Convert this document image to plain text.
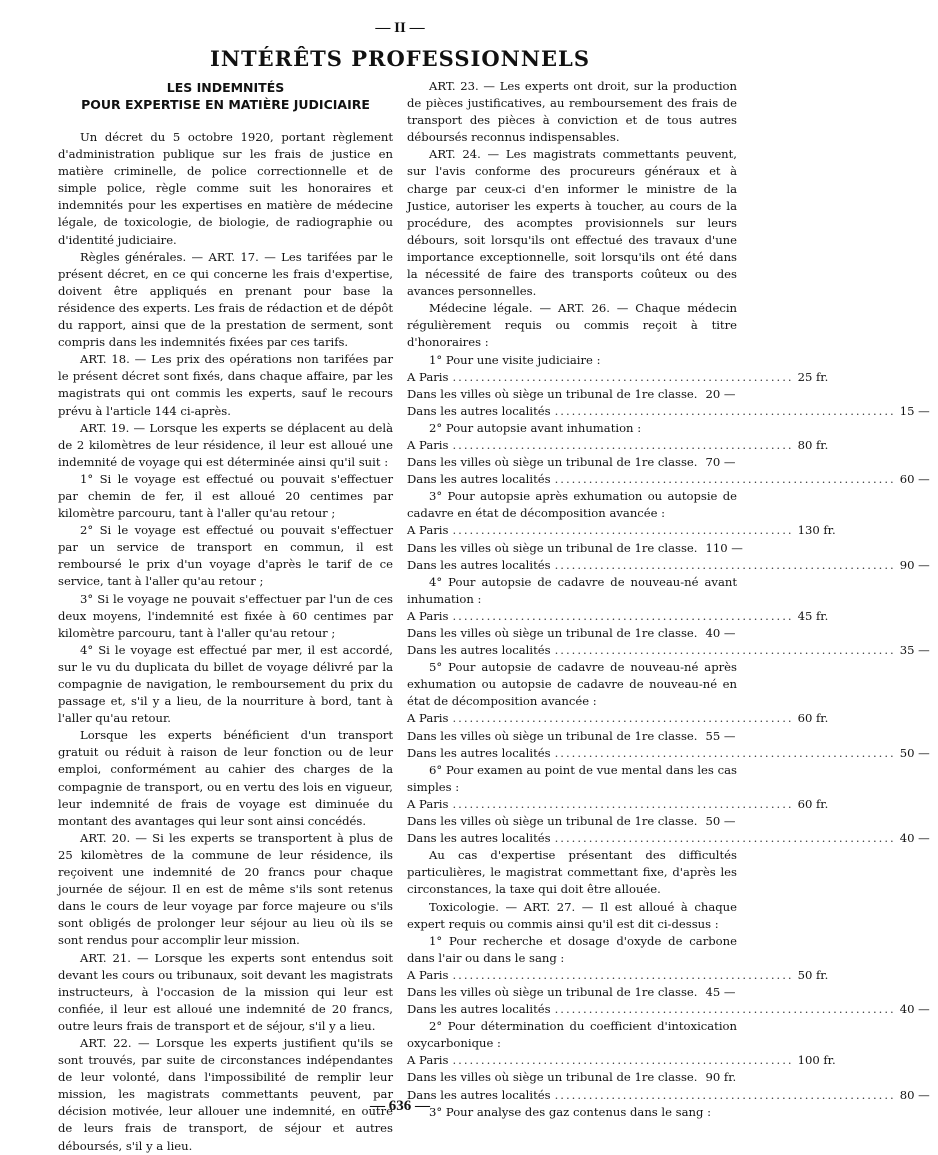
— II —
INTÉRÊTS PROFESSIONNELS
LES INDEMNITÉS
POUR EXPERTISE EN MATIÈRE JUDICIAIRE

Un décret du 5 octobre 1920, portant règlement d'administration publique sur les frais de justice en matière criminelle, de police correctionnelle et de simple police, règle comme suit les honoraires et indemnités pour les expertises en matière de médecine légale, de toxicologie, de biologie, de radiographie ou d'identité judiciaire.

Règles générales. — ART. 17. — Les tarifées par le présent décret, en ce qui concerne les frais d'expertise, doivent être appliqués en prenant pour base la résidence des experts. Les frais de rédaction et de dépôt du rapport, ainsi que de la prestation de serment, sont compris dans les indemnités fixées par ces tarifs.

ART. 18. — Les prix des opérations non tarifées par le présent décret sont fixés, dans chaque affaire, par les magistrats qui ont commis les experts, sauf le recours prévu à l'article 144 ci-après.

ART. 19. — Lorsque les experts se déplacent au delà de 2 kilomètres de leur résidence, il leur est alloué une indemnité de voyage qui est déterminée ainsi qu'il suit :

1° Si le voyage est effectué ou pouvait s'effectuer par chemin de fer, il est alloué 20 centimes par kilomètre parcouru, tant à l'aller qu'au retour ;

2° Si le voyage est effectué ou pouvait s'effectuer par un service de transport en commun, il est remboursé le prix d'un voyage d'après le tarif de ce service, tant à l'aller qu'au retour ;

3° Si le voyage ne pouvait s'effectuer par l'un de ces deux moyens, l'indemnité est fixée à 60 centimes par kilomètre parcouru, tant à l'aller qu'au retour ;

4° Si le voyage est effectué par mer, il est accordé, sur le vu du duplicata du billet de voyage délivré par la compagnie de navigation, le remboursement du prix du passage et, s'il y a lieu, de la nourriture à bord, tant à l'aller qu'au retour.

Lorsque les experts bénéficient d'un transport gratuit ou réduit à raison de leur fonction ou de leur emploi, conformément au cahier des charges de la compagnie de transport, ou en vertu des lois en vigueur, leur indemnité de frais de voyage est diminuée du montant des avantages qui leur sont ainsi concédés.

ART. 20. — Si les experts se transportent à plus de 25 kilomètres de la commune de leur résidence, ils reçoivent une indemnité de 20 francs pour chaque journée de séjour. Il en est de même s'ils sont retenus dans le cours de leur voyage par force majeure ou s'ils sont obligés de prolonger leur séjour au lieu où ils se sont rendus pour accomplir leur mission.

ART. 21. — Lorsque les experts sont entendus soit devant les cours ou tribunaux, soit devant les magistrats instructeurs, à l'occasion de la mission qui leur est confiée, il leur est alloué une indemnité de 20 francs, outre leurs frais de transport et de séjour, s'il y a lieu.

ART. 22. — Lorsque les experts justifient qu'ils se sont trouvés, par suite de circonstances indépendantes de leur volonté, dans l'impossibilité de remplir leur mission, les magistrats commettants peuvent, par décision motivée, leur allouer une indemnité, en outre de leurs frais de transport, de séjour et autres déboursés, s'il y a lieu.

ART. 23. — Les experts ont droit, sur la production de pièces justificatives, au remboursement des frais de transport des pièces à conviction et de tous autres déboursés reconnus indispensables.

ART. 24. — Les magistrats commettants peuvent, sur l'avis conforme des procureurs généraux et à charge par ceux-ci d'en informer le ministre de la Justice, autoriser les experts à toucher, au cours de la procédure, des acomptes provisionnels sur leurs débours, soit lorsqu'ils ont effectué des travaux d'une importance exceptionnelle, soit lorsqu'ils ont été dans la nécessité de faire des transports coûteux ou des avances personnelles.

Médecine légale. — ART. 26. — Chaque médecin régulièrement requis ou commis reçoit à titre d'honoraires :

1° Pour une visite judiciaire :

A Paris ............................................................ 25 fr.
Dans les villes où siège un tribunal de 1re classe. 20 —
Dans les autres localités ............................................................ 15 —

2° Pour autopsie avant inhumation :

A Paris ............................................................ 80 fr.
Dans les villes où siège un tribunal de 1re classe. 70 —
Dans les autres localités ............................................................ 60 —

3° Pour autopsie après exhumation ou autopsie de cadavre en état de décomposition avancée :

A Paris ............................................................ 130 fr.
Dans les villes où siège un tribunal de 1re classe. 110 —
Dans les autres localités ............................................................ 90 —

4° Pour autopsie de cadavre de nouveau-né avant inhumation :

A Paris ............................................................ 45 fr.
Dans les villes où siège un tribunal de 1re classe. 40 —
Dans les autres localités ............................................................ 35 —

5° Pour autopsie de cadavre de nouveau-né après exhumation ou autopsie de cadavre de nouveau-né en état de décomposition avancée :

A Paris ............................................................ 60 fr.
Dans les villes où siège un tribunal de 1re classe. 55 —
Dans les autres localités ............................................................ 50 —

6° Pour examen au point de vue mental dans les cas simples :

A Paris ............................................................ 60 fr.
Dans les villes où siège un tribunal de 1re classe. 50 —
Dans les autres localités ............................................................ 40 —

Au cas d'expertise présentant des difficultés particulières, le magistrat commettant fixe, d'après les circonstances, la taxe qui doit être allouée.

Toxicologie. — ART. 27. — Il est alloué à chaque expert requis ou commis ainsi qu'il est dit ci-dessus :

1° Pour recherche et dosage d'oxyde de carbone dans l'air ou dans le sang :

A Paris ............................................................ 50 fr.
Dans les villes où siège un tribunal de 1re classe. 45 —
Dans les autres localités ............................................................ 40 —

2° Pour détermination du coefficient d'intoxication oxycarbonique :

A Paris ............................................................ 100 fr.
Dans les villes où siège un tribunal de 1re classe. 90 fr.
Dans les autres localités ............................................................ 80 —

3° Pour analyse des gaz contenus dans le sang :

— 636 —
